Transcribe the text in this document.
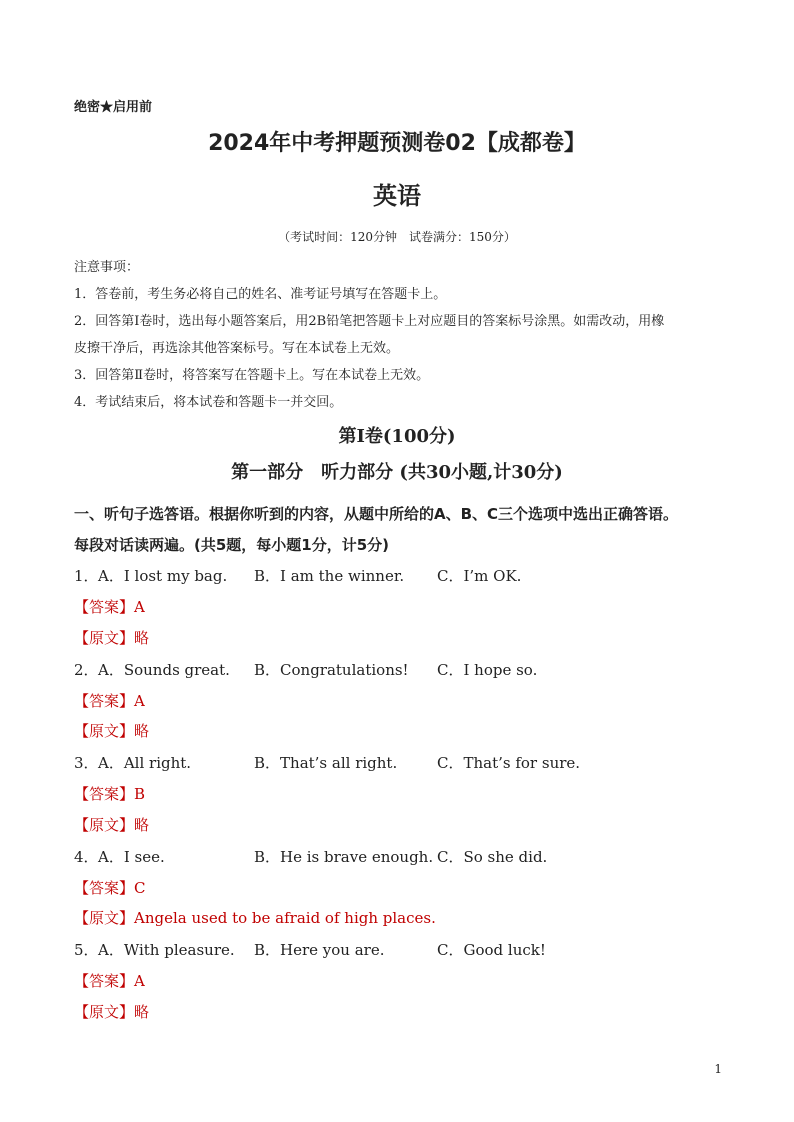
绝密★启用前
2024年中考押题预测卷02【成都卷】
英语
（考试时间：120分钟　试卷满分：150分）
注意事项：
1．答卷前，考生务必将自己的姓名、准考证号填写在答题卡上。
2．回答第Ⅰ卷时，选出每小题答案后，用2B铅笔把答题卡上对应题目的答案标号涂黑。如需改动，用橡
皮擦干净后，再选涂其他答案标号。写在本试卷上无效。
3．回答第Ⅱ卷时，将答案写在答题卡上。写在本试卷上无效。
4．考试结束后，将本试卷和答题卡一并交回。
第Ⅰ卷(100分)
第一部分　听力部分 (共30小题,计30分)
一、听句子选答语。根据你听到的内容，从题中所给的A、B、C三个选项中选出正确答语。
每段对话读两遍。(共5题，每小题1分，计5分)
1． A．I lost my bag. B．I am the winner. C．I’m OK.
【答案】A
【原文】略
2． A．Sounds great. B．Congratulations! C．I hope so.
【答案】A
【原文】略
3． A．All right.	B．That’s all right.	C．That’s for sure.
【答案】B
【原文】略
4． A．I see.	B．He is brave enough. C．So she did.
【答案】C
【原文】Angela used to be afraid of high places.
5． A．With pleasure. B．Here you are.	C．Good luck!
【答案】A
【原文】略
1
